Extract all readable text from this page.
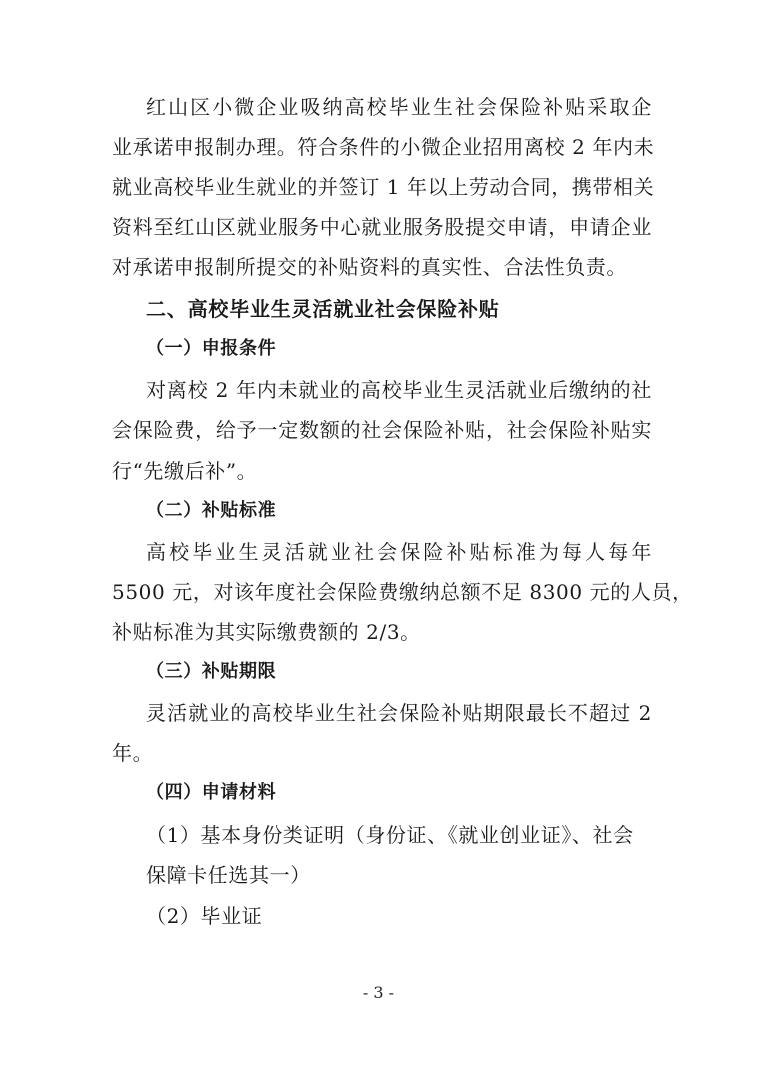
红山区小微企业吸纳高校毕业生社会保险补贴采取企
业承诺申报制办理。符合条件的小微企业招用离校 2 年内未
就业高校毕业生就业的并签订 1 年以上劳动合同，携带相关
资料至红山区就业服务中心就业服务股提交申请，申请企业
对承诺申报制所提交的补贴资料的真实性、合法性负责。
二、高校毕业生灵活就业社会保险补贴
（一）申报条件
对离校 2 年内未就业的高校毕业生灵活就业后缴纳的社
会保险费，给予一定数额的社会保险补贴，社会保险补贴实
行“先缴后补”。
（二）补贴标准
高校毕业生灵活就业社会保险补贴标准为每人每年
5500 元，对该年度社会保险费缴纳总额不足 8300 元的人员，
补贴标准为其实际缴费额的 2/3。
（三）补贴期限
灵活就业的高校毕业生社会保险补贴期限最长不超过 2
年。
（四）申请材料
（1）基本身份类证明（身份证、《就业创业证》、社会
保障卡任选其一）
（2）毕业证
- 3 -
